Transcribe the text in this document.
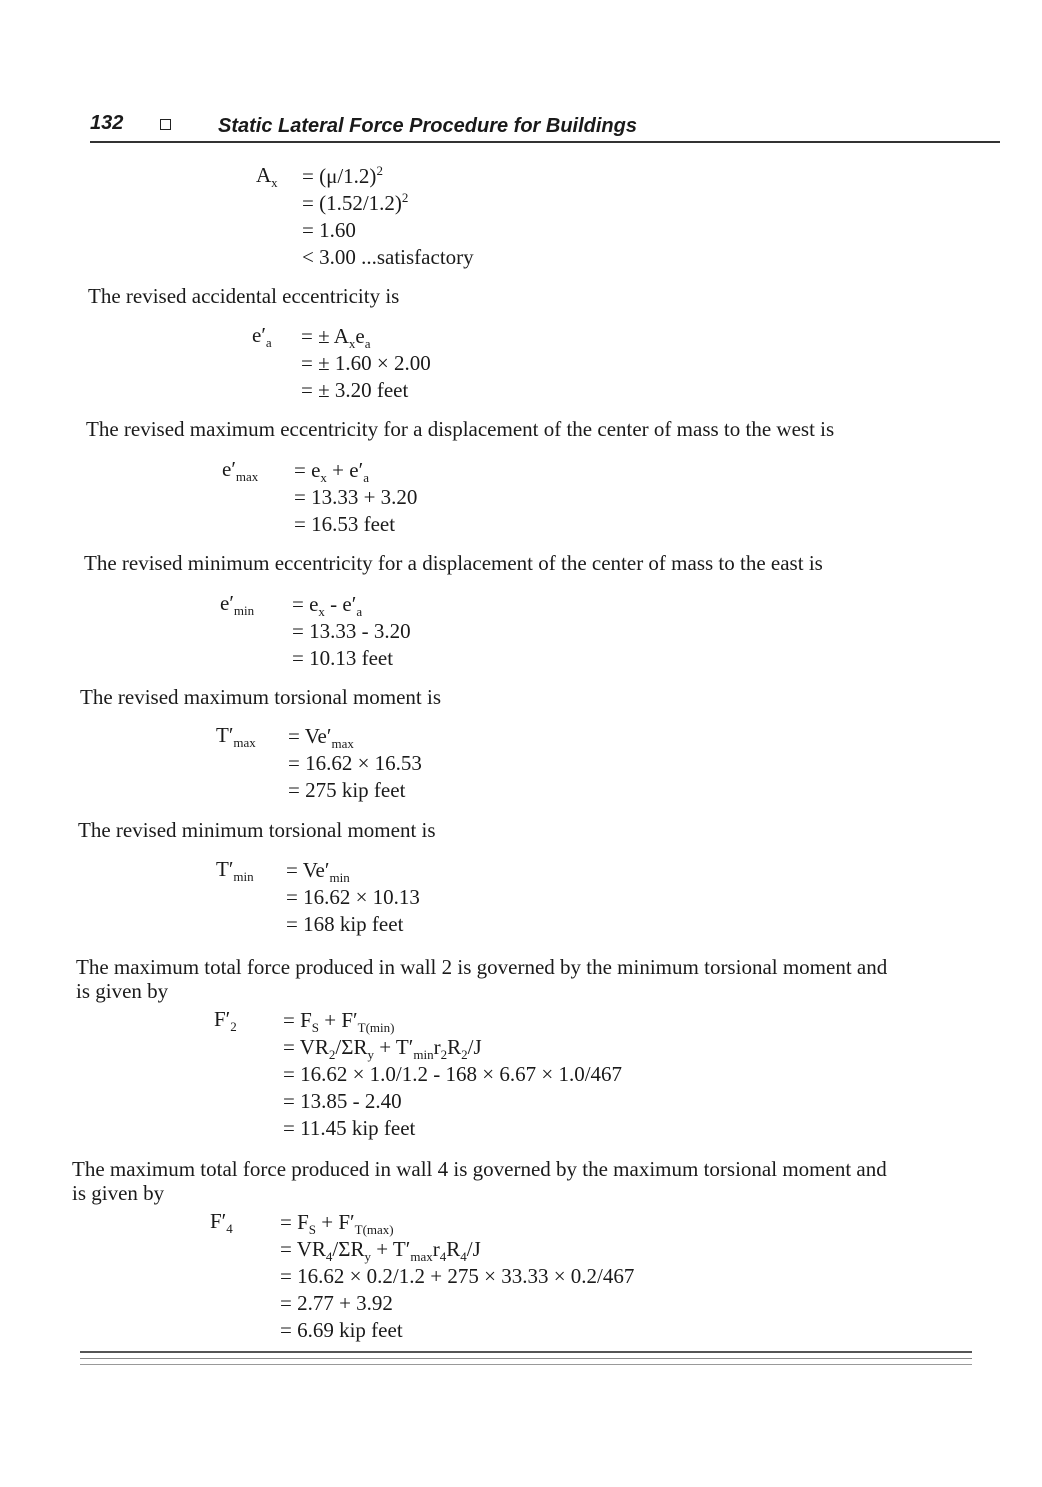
132	Static Lateral Force Procedure for Buildings
$A_x = (\mu/1.2)^2$
= $(1.52/1.2)^2$
= 1.60
< 3.00 ...satisfactory
The revised accidental eccentricity is
$e'_a$ = ± $A_xe_a$
= ± 1.60 × 2.00
= ± 3.20 feet
The revised maximum eccentricity for a displacement of the center of mass to the west is
$e'_{max} = e_x + e'_a$
= 13.33 + 3.20
= 16.53 feet
The revised minimum eccentricity for a displacement of the center of mass to the east is
$e'_{min} = e_x - e'_a$
= 13.33 - 3.20
= 10.13 feet
The revised maximum torsional moment is
$T'_{max} = Ve'_{max}$
= 16.62 × 16.53
= 275 kip feet
The revised minimum torsional moment is
$T'_{min} = Ve'_{min}$
= 16.62 × 10.13
= 168 kip feet
The maximum total force produced in wall 2 is governed by the minimum torsional moment and
is given by
$F'_2 = F_S + F'_{T(min)}$
= $VR_2/\Sigma R_y + T'_{min}r_2R_2/J$
= 16.62 × 1.0/1.2 - 168 × 6.67 × 1.0/467
= 13.85 - 2.40
= 11.45 kip feet
The maximum total force produced in wall 4 is governed by the maximum torsional moment and
is given by
$F'_4 = F_S + F'_{T(max)}$
= $VR_4/\Sigma R_y + T'_{max}r_4R_4/J$
= 16.62 × 0.2/1.2 + 275 × 33.33 × 0.2/467
= 2.77 + 3.92
= 6.69 kip feet
